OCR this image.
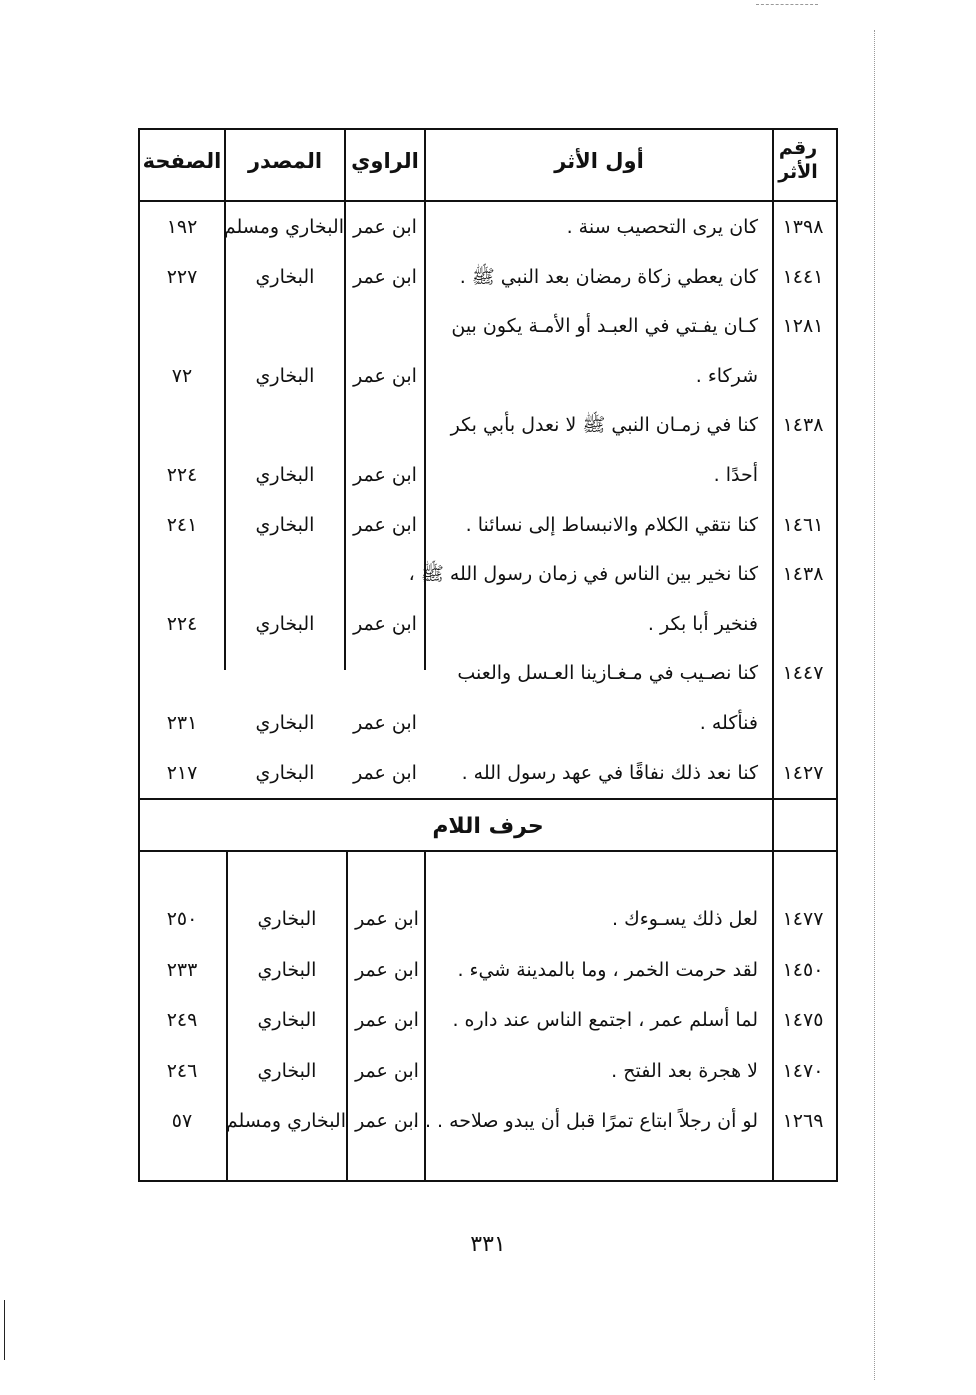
رقم الأثر
أول الأثر
الراوي
المصدر
الصفحة
حرف اللام
١٣٩٨
كان يرى التحصيب سنة .
ابن عمر
البخاري ومسلم
١٩٢
١٤٤١
كان يعطي زكاة رمضان بعد النبي ﷺ .
ابن عمر
البخاري
٢٢٧
١٢٨١
كـان يفـتي في العبـد أو الأمـة يكون بين
شركاء .
ابن عمر
البخاري
٧٢
١٤٣٨
كنا في زمـان النبي ﷺ لا نعدل بأبي بكر
أحدًا .
ابن عمر
البخاري
٢٢٤
١٤٦١
كنا نتقي الكلام والانبساط إلى نسائنا .
ابن عمر
البخاري
٢٤١
١٤٣٨
كنا نخير بين الناس في زمان رسول الله ﷺ ،
فنخير أبا بكر .
ابن عمر
البخاري
٢٢٤
١٤٤٧
كنا نصـيب في مـغـازينا العـسل والعنب
فنأكله .
ابن عمر
البخاري
٢٣١
١٤٢٧
كنا نعد ذلك نفاقًا في عهد رسول الله .
ابن عمر
البخاري
٢١٧
١٤٧٧
لعل ذلك يسـوءك .
ابن عمر
البخاري
٢٥٠
١٤٥٠
لقد حرمت الخمر ، وما بالمدينة شيء .
ابن عمر
البخاري
٢٣٣
١٤٧٥
لما أسلم عمر ، اجتمع الناس عند داره .
ابن عمر
البخاري
٢٤٩
١٤٧٠
لا هجرة بعد الفتح .
ابن عمر
البخاري
٢٤٦
١٢٦٩
لو أن رجلاً ابتاع تمرًا قبل أن يبدو صلاحه . . .
ابن عمر
البخاري ومسلم
٥٧
٣٣١
